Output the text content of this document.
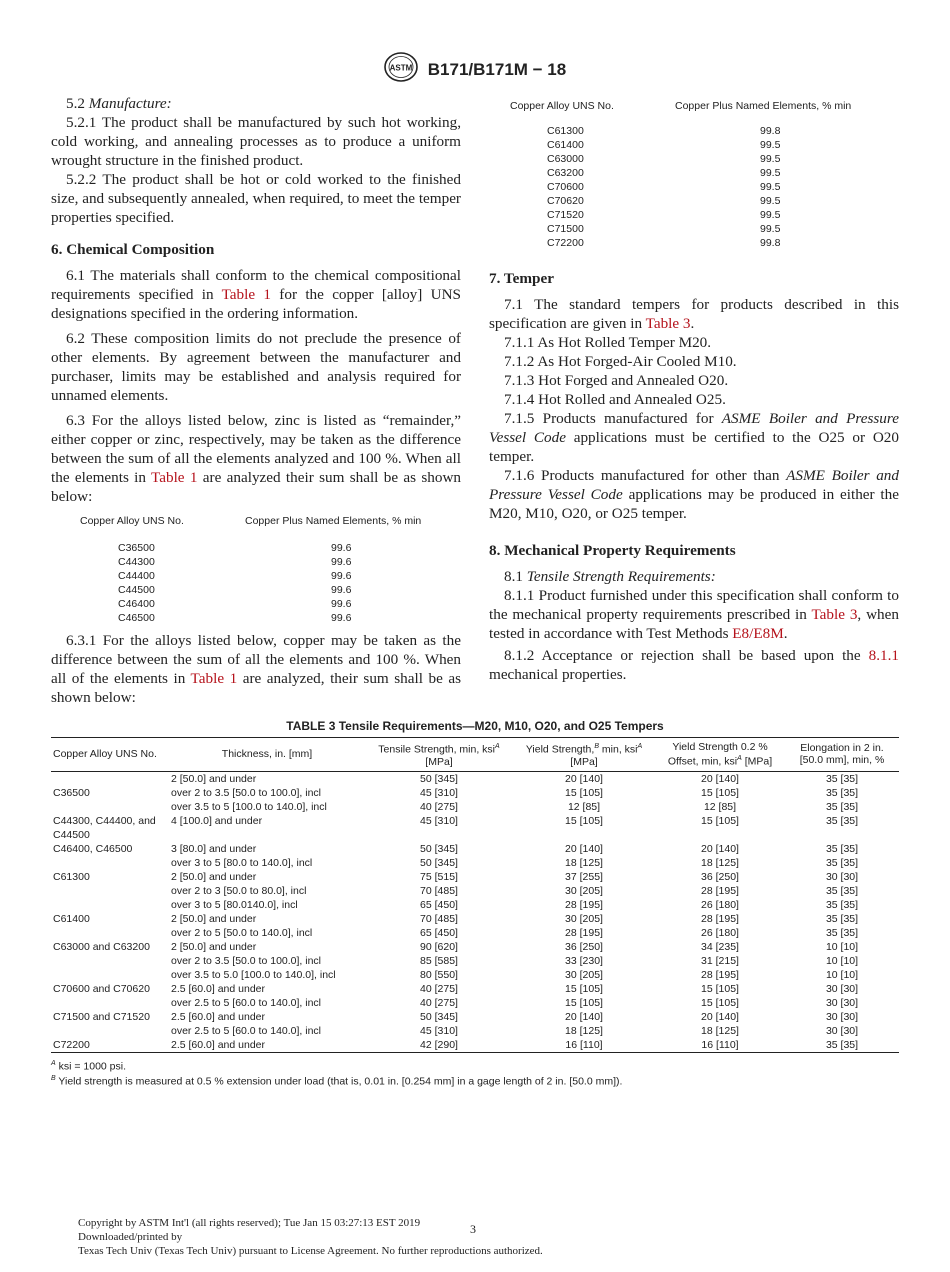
ASTM B171/B171M − 18

5.2 Manufacture:

5.2.1 The product shall be manufactured by such hot working, cold working, and annealing processes as to produce a uniform wrought structure in the finished product.

5.2.2 The product shall be hot or cold worked to the finished size, and subsequently annealed, when required, to meet the temper properties specified.

6. Chemical Composition

6.1 The materials shall conform to the chemical compositional requirements specified in Table 1 for the copper [alloy] UNS designations specified in the ordering information.

6.2 These composition limits do not preclude the presence of other elements. By agreement between the manufacturer and purchaser, limits may be established and analysis required for unnamed elements.

6.3 For the alloys listed below, zinc is listed as “remainder,” either copper or zinc, respectively, may be taken as the difference between the sum of all the elements analyzed and 100 %. When all the elements in Table 1 are analyzed their sum shall be as shown below:

Copper Alloy UNS No.	Copper Plus Named Elements, % min
C36500	99.6
C44300	99.6
C44400	99.6
C44500	99.6
C46400	99.6
C46500	99.6

6.3.1 For the alloys listed below, copper may be taken as the difference between the sum of all the elements and 100 %. When all of the elements in Table 1 are analyzed, their sum shall be as shown below:

Copper Alloy UNS No.	Copper Plus Named Elements, % min
C61300	99.8
C61400	99.5
C63000	99.5
C63200	99.5
C70600	99.5
C70620	99.5
C71520	99.5
C71500	99.5
C72200	99.8
7. Temper

7.1 The standard tempers for products described in this specification are given in Table 3.

7.1.1 As Hot Rolled Temper M20.

7.1.2 As Hot Forged-Air Cooled M10.

7.1.3 Hot Forged and Annealed O20.

7.1.4 Hot Rolled and Annealed O25.

7.1.5 Products manufactured for ASME Boiler and Pressure Vessel Code applications must be certified to the O25 or O20 temper.

7.1.6 Products manufactured for other than ASME Boiler and Pressure Vessel Code applications may be produced in either the M20, M10, O20, or O25 temper.

8. Mechanical Property Requirements

8.1 Tensile Strength Requirements:

8.1.1 Product furnished under this specification shall conform to the mechanical property requirements prescribed in Table 3, when tested in accordance with Test Methods E8/E8M.

8.1.2 Acceptance or rejection shall be based upon the 8.1.1 mechanical properties.

TABLE 3 Tensile Requirements—M20, M10, O20, and O25 Tempers
Copper Alloy UNS No.	Thickness, in. [mm]	Tensile Strength, min, ksi$^A$
[MPa]	Yield Strength,$^B$ min, ksi$^A$
[MPa]	Yield Strength 0.2 %
Offset, min, ksi$^A$ [MPa]	Elongation in 2 in.
[50.0 mm], min, %
	2 [50.0] and under	50 [345]	20 [140]	20 [140]	35 [35]
C36500	over 2 to 3.5 [50.0 to 100.0], incl	45 [310]	15 [105]	15 [105]	35 [35]
	over 3.5 to 5 [100.0 to 140.0], incl	40 [275]	12 [85]	12 [85]	35 [35]
C44300, C44400, and C44500	4 [100.0] and under	45 [310]	15 [105]	15 [105]	35 [35]
C46400, C46500	3 [80.0] and under	50 [345]	20 [140]	20 [140]	35 [35]
	over 3 to 5 [80.0 to 140.0], incl	50 [345]	18 [125]	18 [125]	35 [35]
C61300	2 [50.0] and under	75 [515]	37 [255]	36 [250]	30 [30]
	over 2 to 3 [50.0 to 80.0], incl	70 [485]	30 [205]	28 [195]	35 [35]
	over 3 to 5 [80.0140.0], incl	65 [450]	28 [195]	26 [180]	35 [35]
C61400	2 [50.0] and under	70 [485]	30 [205]	28 [195]	35 [35]
	over 2 to 5 [50.0 to 140.0], incl	65 [450]	28 [195]	26 [180]	35 [35]
C63000 and C63200	2 [50.0] and under	90 [620]	36 [250]	34 [235]	10 [10]
	over 2 to 3.5 [50.0 to 100.0], incl	85 [585]	33 [230]	31 [215]	10 [10]
	over 3.5 to 5.0 [100.0 to 140.0], incl	80 [550]	30 [205]	28 [195]	10 [10]
C70600 and C70620	2.5 [60.0] and under	40 [275]	15 [105]	15 [105]	30 [30]
	over 2.5 to 5 [60.0 to 140.0], incl	40 [275]	15 [105]	15 [105]	30 [30]
C71500 and C71520	2.5 [60.0] and under	50 [345]	20 [140]	20 [140]	30 [30]
	over 2.5 to 5 [60.0 to 140.0], incl	45 [310]	18 [125]	18 [125]	30 [30]
C72200	2.5 [60.0] and under	42 [290]	16 [110]	16 [110]	35 [35]
$^A$ ksi = 1000 psi.
$^B$ Yield strength is measured at 0.5 % extension under load (that is, 0.01 in. [0.254 mm] in a gage length of 2 in. [50.0 mm]).
Copyright by ASTM Int'l (all rights reserved); Tue Jan 15 03:27:13 EST 2019
Downloaded/printed by
Texas Tech Univ (Texas Tech Univ) pursuant to License Agreement. No further reproductions authorized.
3
